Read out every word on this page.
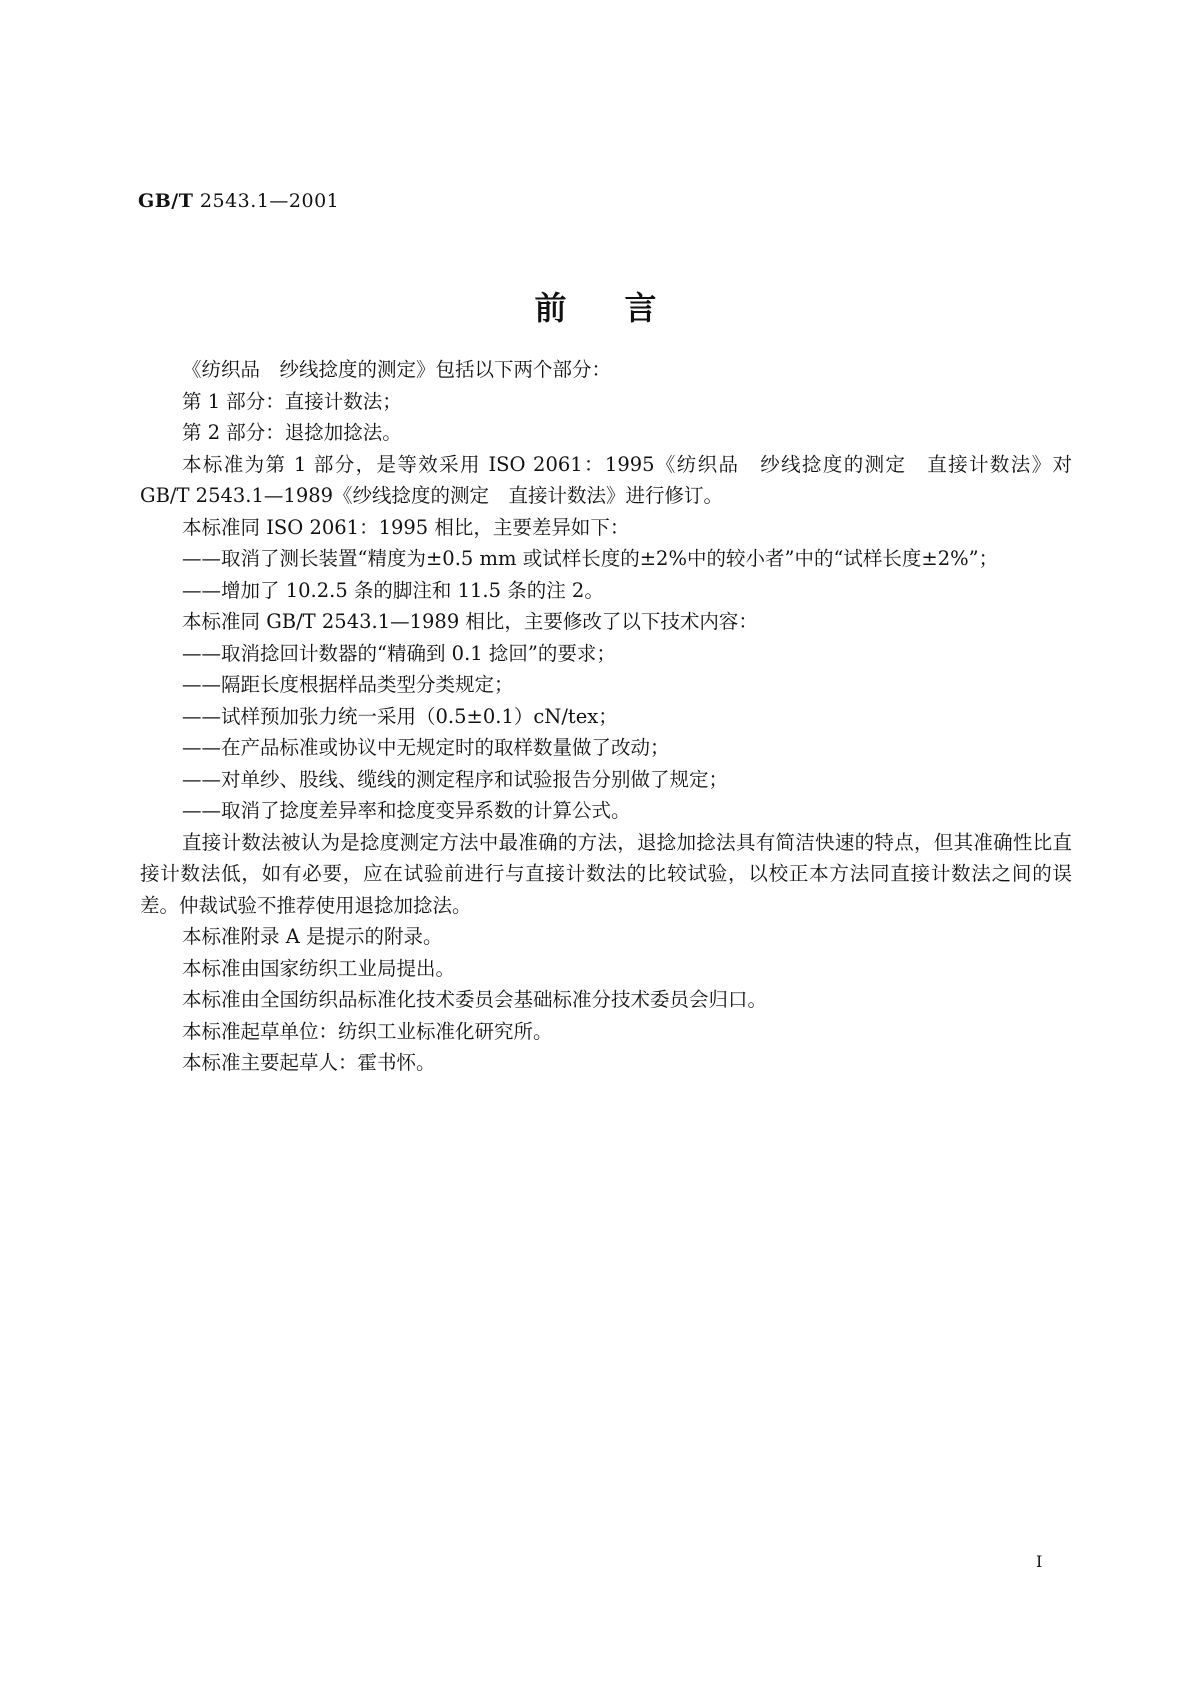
GB/T 2543.1—2001
前言

《纺织品　纱线捻度的测定》包括以下两个部分：

第 1 部分：直接计数法；

第 2 部分：退捻加捻法。

本标准为第 1 部分，是等效采用 ISO 2061：1995《纺织品　纱线捻度的测定　直接计数法》对 GB/T 2543.1—1989《纱线捻度的测定　直接计数法》进行修订。

本标准同 ISO 2061：1995 相比，主要差异如下：

——取消了测长装置“精度为±0.5 mm 或试样长度的±2%中的较小者”中的“试样长度±2%”；

——增加了 10.2.5 条的脚注和 11.5 条的注 2。

本标准同 GB/T 2543.1—1989 相比，主要修改了以下技术内容：

——取消捻回计数器的“精确到 0.1 捻回”的要求；

——隔距长度根据样品类型分类规定；

——试样预加张力统一采用（0.5±0.1）cN/tex；

——在产品标准或协议中无规定时的取样数量做了改动；

——对单纱、股线、缆线的测定程序和试验报告分别做了规定；

——取消了捻度差异率和捻度变异系数的计算公式。

直接计数法被认为是捻度测定方法中最准确的方法，退捻加捻法具有简洁快速的特点，但其准确性比直接计数法低，如有必要，应在试验前进行与直接计数法的比较试验，以校正本方法同直接计数法之间的误差。仲裁试验不推荐使用退捻加捻法。

本标准附录 A 是提示的附录。

本标准由国家纺织工业局提出。

本标准由全国纺织品标准化技术委员会基础标准分技术委员会归口。

本标准起草单位：纺织工业标准化研究所。

本标准主要起草人：霍书怀。

I
